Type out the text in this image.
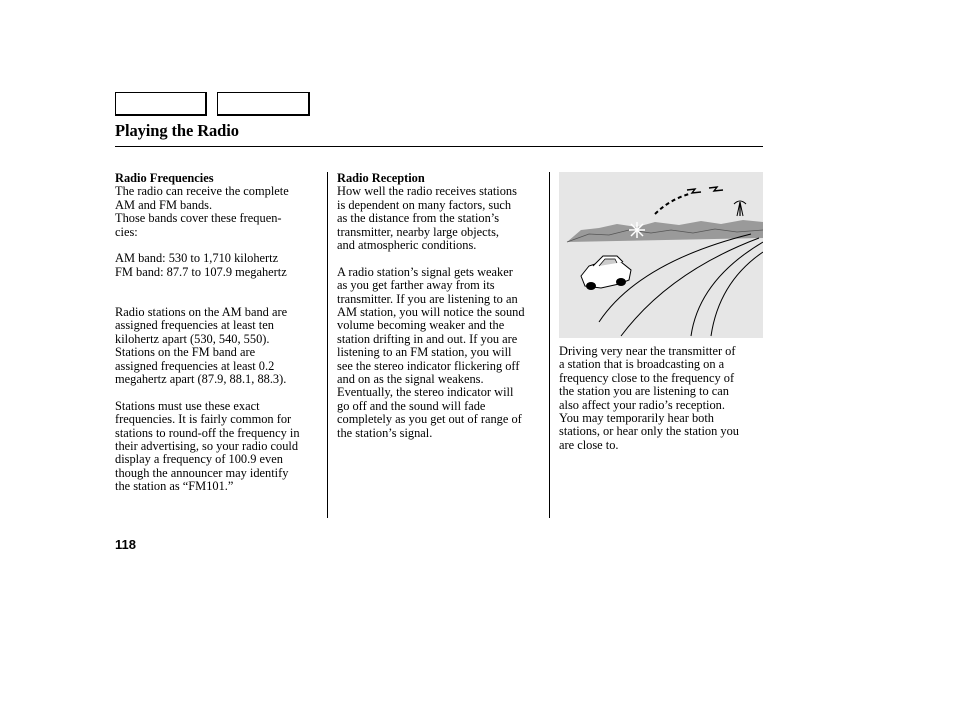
Playing the Radio

Radio Frequencies

The radio can receive the complete

AM and FM bands.

Those bands cover these frequen-

cies:

AM band: 530 to 1,710 kilohertz

FM band: 87.7 to 107.9 megahertz

Radio stations on the AM band are

assigned frequencies at least ten

kilohertz apart (530, 540, 550).

Stations on the FM band are

assigned frequencies at least 0.2

megahertz apart (87.9, 88.1, 88.3).

Stations must use these exact

frequencies. It is fairly common for

stations to round-off the frequency in

their advertising, so your radio could

display a frequency of 100.9 even

though the announcer may identify

the station as “FM101.”

Radio Reception

How well the radio receives stations

is dependent on many factors, such

as the distance from the station’s

transmitter, nearby large objects,

and atmospheric conditions.

A radio station’s signal gets weaker

as you get farther away from its

transmitter. If you are listening to an

AM station, you will notice the sound

volume becoming weaker and the

station drifting in and out. If you are

listening to an FM station, you will

see the stereo indicator flickering off

and on as the signal weakens.

Eventually, the stereo indicator will

go off and the sound will fade

completely as you get out of range of

the station’s signal.

Driving very near the transmitter of

a station that is broadcasting on a

frequency close to the frequency of

the station you are listening to can

also affect your radio’s reception.

You may temporarily hear both

stations, or hear only the station you

are close to.

118
